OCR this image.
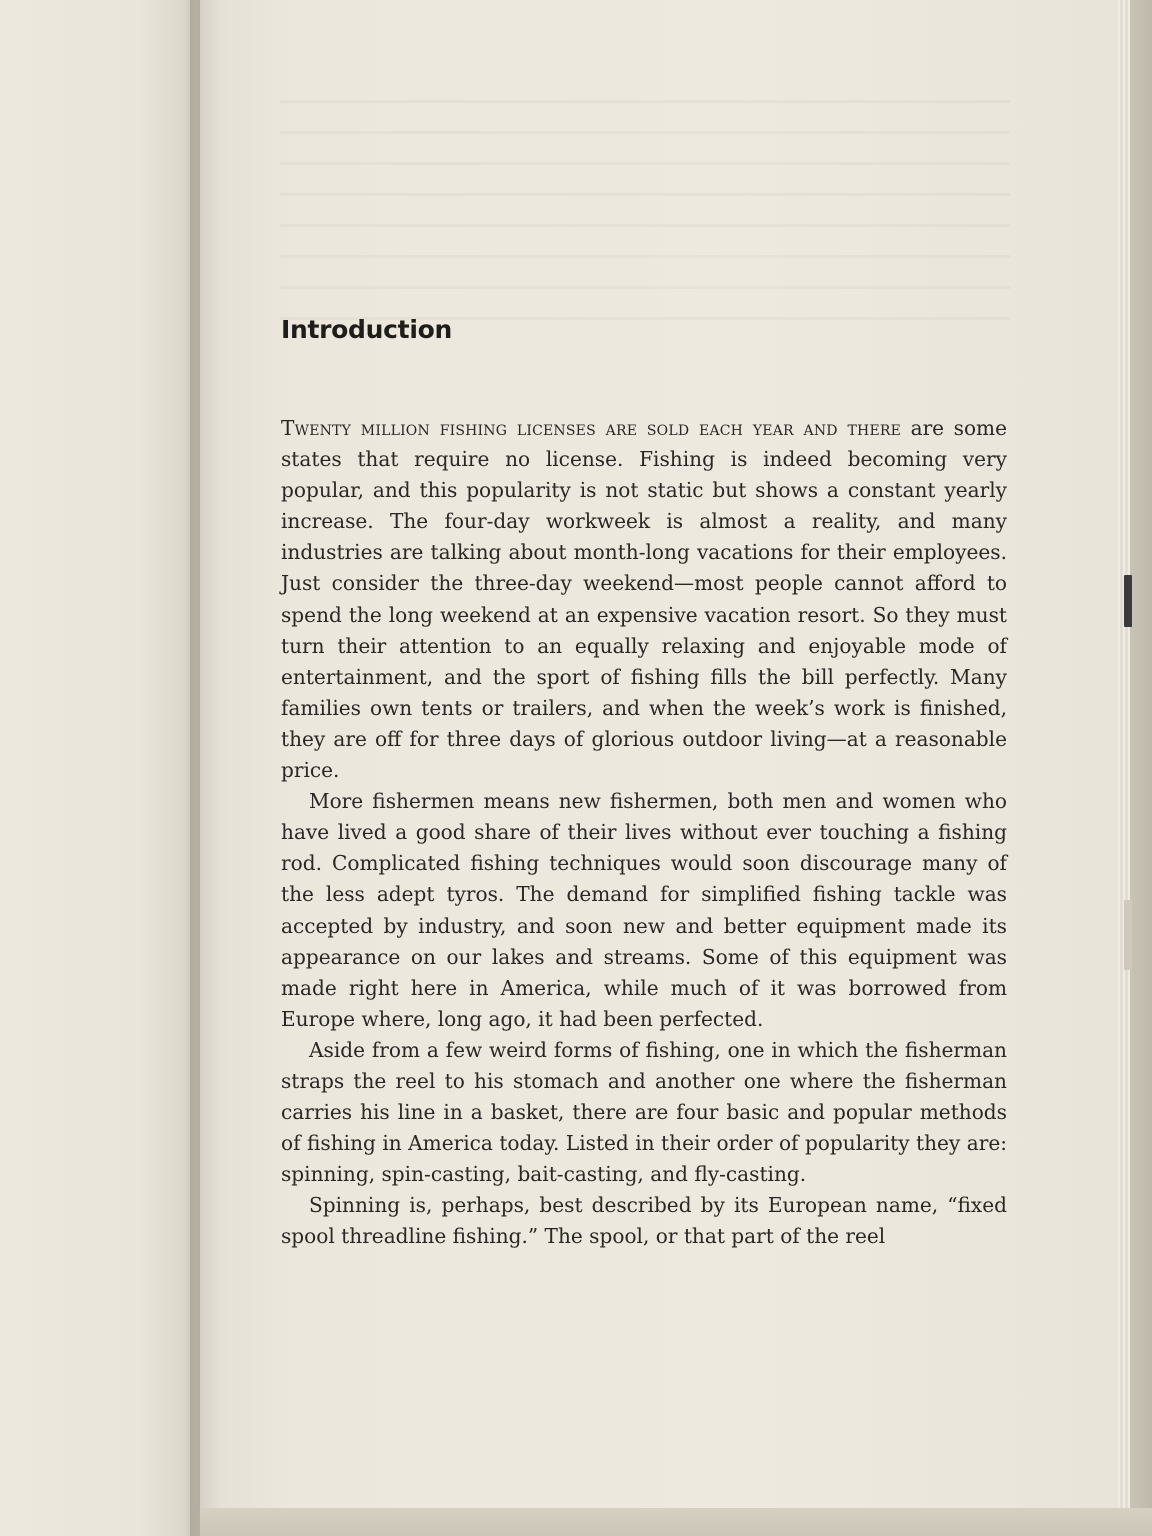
Introduction

Twenty million fishing licenses are sold each year and there are some states that require no license. Fishing is indeed becoming very popular, and this popularity is not static but shows a constant yearly increase. The four-day workweek is almost a reality, and many industries are talking about month-long vacations for their employees. Just consider the three-day weekend—most people cannot afford to spend the long weekend at an expensive vacation resort. So they must turn their attention to an equally relaxing and enjoyable mode of entertainment, and the sport of fishing fills the bill perfectly. Many families own tents or trailers, and when the week’s work is finished, they are off for three days of glorious outdoor living—at a reasonable price.

More fishermen means new fishermen, both men and women who have lived a good share of their lives without ever touching a fishing rod. Complicated fishing techniques would soon discourage many of the less adept tyros. The demand for simplified fishing tackle was accepted by industry, and soon new and better equipment made its appearance on our lakes and streams. Some of this equipment was made right here in America, while much of it was borrowed from Europe where, long ago, it had been perfected.

Aside from a few weird forms of fishing, one in which the fisherman straps the reel to his stomach and another one where the fisherman carries his line in a basket, there are four basic and popular methods of fishing in America today. Listed in their order of popularity they are: spinning, spin-casting, bait-casting, and fly-casting.

Spinning is, perhaps, best described by its European name, “fixed spool threadline fishing.” The spool, or that part of the reel
